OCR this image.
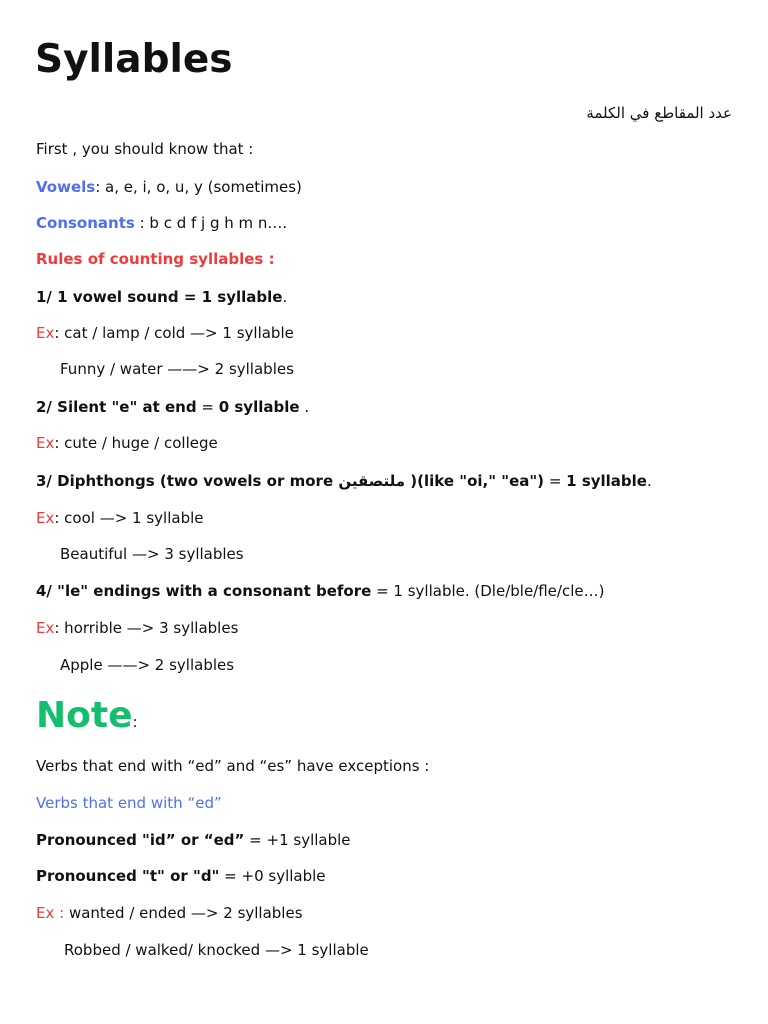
Syllables
عدد المقاطع في الكلمة
First , you should know that :
Vowels: a, e, i, o, u, y (sometimes)
Consonants : b c d f j g h m n….
Rules of counting syllables :
1/ 1 vowel sound = 1 syllable.
Ex: cat / lamp / cold —> 1 syllable
Funny / water ——> 2 syllables
2/ Silent "e" at end = 0 syllable .
Ex: cute / huge / college
3/ Diphthongs (two vowels or more ملتصقين )(like "oi," "ea") = 1 syllable.
Ex: cool —> 1 syllable
Beautiful —> 3 syllables
4/ "le" endings with a consonant before = 1 syllable. (Dle/ble/fle/cle…)
Ex: horrible —> 3 syllables
Apple ——> 2 syllables
Note:
Verbs that end with “ed” and “es” have exceptions :
Verbs that end with “ed”
Pronounced "id” or “ed” = +1 syllable
Pronounced "t" or "d" = +0 syllable
Ex : wanted / ended —> 2 syllables
Robbed / walked/ knocked —> 1 syllable
